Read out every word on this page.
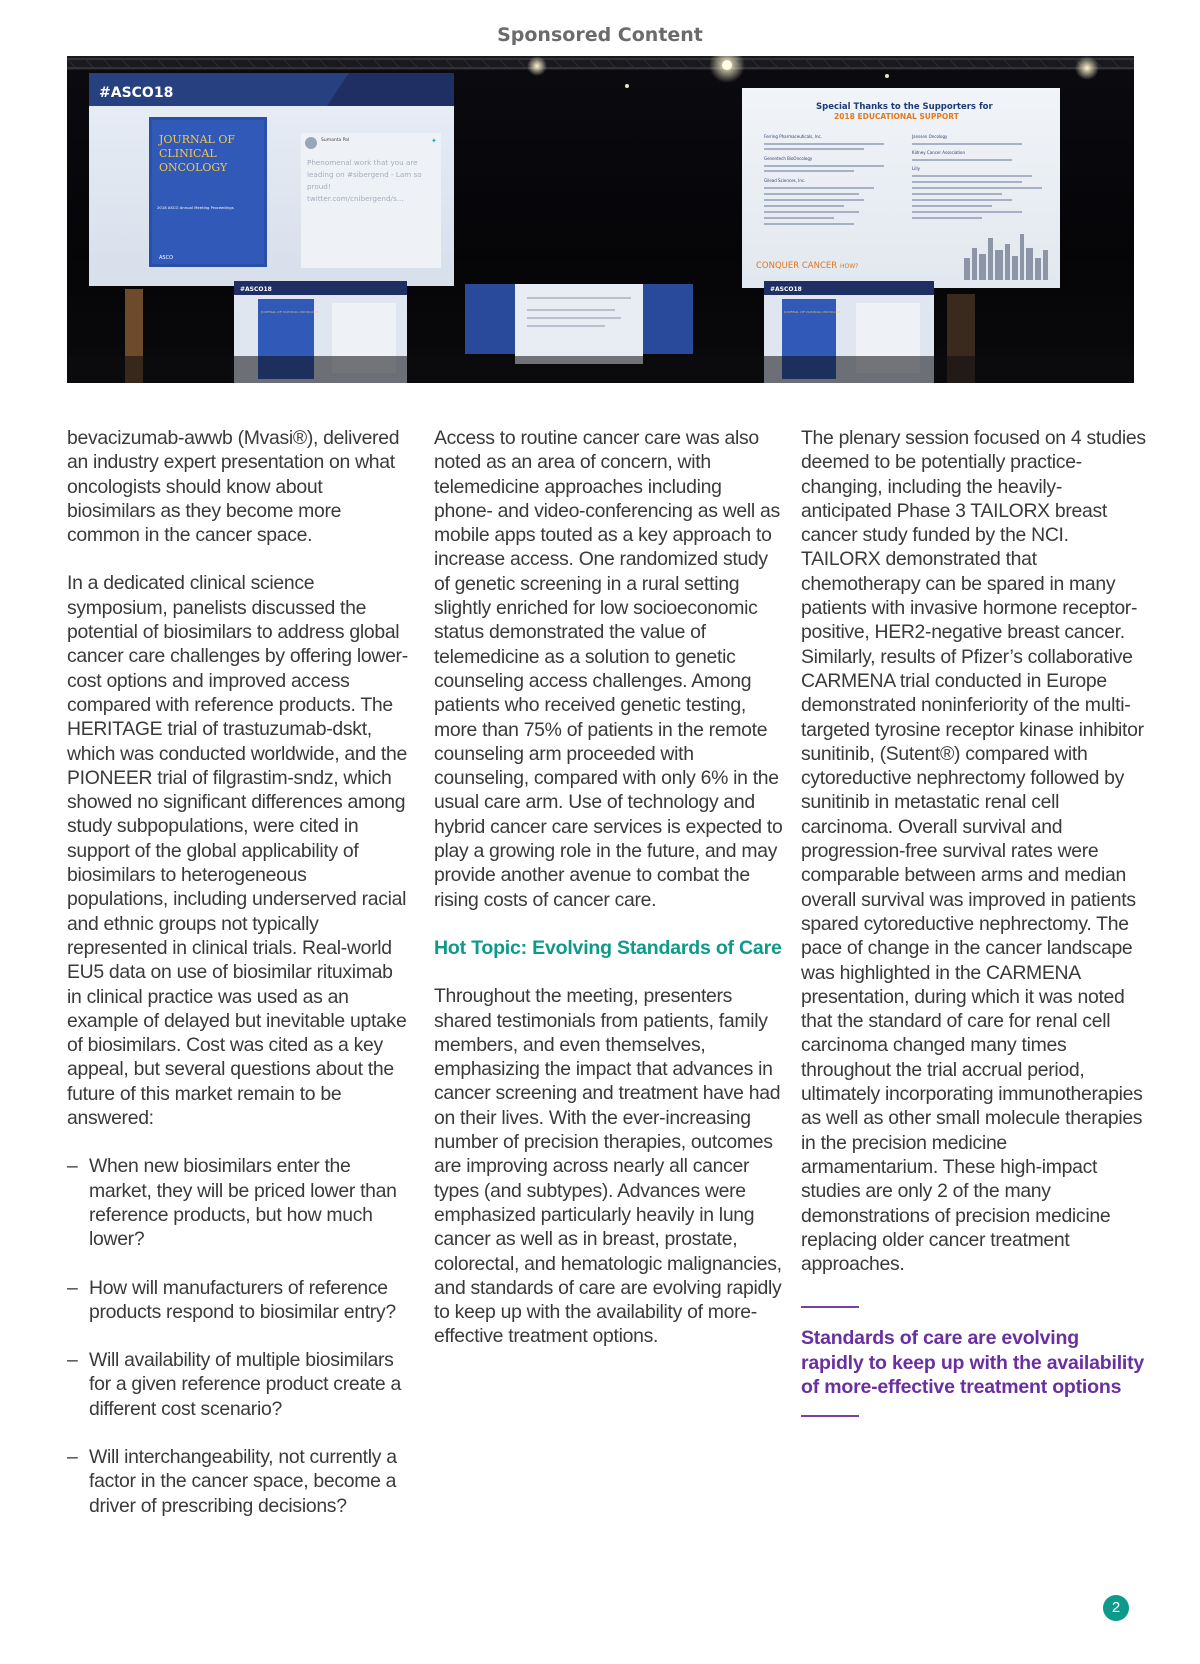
Sponsored Content
#ASCO18	2018 ASCO
ANNUAL MEETING
JOURNAL OF
CLINICAL
ONCOLOGY
2018 ASCO Annual Meeting Proceedings
ASCO
Sumanta Pal	✦
Phenomenal work that you are
leading on #sibergend - Lam so
proud!
twitter.com/cnibergend/s...
Special Thanks to the Supporters for
2018 EDUCATIONAL SUPPORT
Ferring Pharmaceuticals, Inc.
Genentech BioOncology
Gilead Sciences, Inc.
Janssen Oncology
Kidney Cancer Association
Lilly
CONQUER CANCER HOW?
#ASCO18	ASCO
JOURNAL OF CLINICAL ONCOLOGY
#ASCO18	ASCO
JOURNAL OF CLINICAL ONCOLOGY

bevacizumab-awwb (Mvasi®), delivered an industry expert presentation on what oncologists should know about biosimilars as they become more common in the cancer space.

In a dedicated clinical science symposium, panelists discussed the potential of biosimilars to address global cancer care challenges by offering lower-cost options and improved access compared with reference products. The HERITAGE trial of trastuzumab-dskt, which was conducted worldwide, and the PIONEER trial of filgrastim-sndz, which showed no significant differences among study subpopulations, were cited in support of the global applicability of biosimilars to heterogeneous populations, including underserved racial and ethnic groups not typically represented in clinical trials. Real-world EU5 data on use of biosimilar rituximab in clinical practice was used as an example of delayed but inevitable uptake of biosimilars. Cost was cited as a key appeal, but several questions about the future of this market remain to be answered:

– When new biosimilars enter the market, they will be priced lower than reference products, but how much lower?
– How will manufacturers of reference products respond to biosimilar entry?
– Will availability of multiple biosimilars for a given reference product create a different cost scenario?
– Will interchangeability, not currently a factor in the cancer space, become a driver of prescribing decisions?

Access to routine cancer care was also noted as an area of concern, with telemedicine approaches including phone- and video-conferencing as well as mobile apps touted as a key approach to increase access. One randomized study of genetic screening in a rural setting slightly enriched for low socioeconomic status demonstrated the value of telemedicine as a solution to genetic counseling access challenges. Among patients who received genetic testing, more than 75% of patients in the remote counseling arm proceeded with counseling, compared with only 6% in the usual care arm. Use of technology and hybrid cancer care services is expected to play a growing role in the future, and may provide another avenue to combat the rising costs of cancer care.

Hot Topic: Evolving Standards of Care

Throughout the meeting, presenters shared testimonials from patients, family members, and even themselves, emphasizing the impact that advances in cancer screening and treatment have had on their lives. With the ever-increasing number of precision therapies, outcomes are improving across nearly all cancer types (and subtypes). Advances were emphasized particularly heavily in lung cancer as well as in breast, prostate, colorectal, and hematologic malignancies, and standards of care are evolving rapidly to keep up with the availability of more-effective treatment options.

The plenary session focused on 4 studies deemed to be potentially practice-changing, including the heavily-anticipated Phase 3 TAILORX breast cancer study funded by the NCI. TAILORX demonstrated that chemotherapy can be spared in many patients with invasive hormone receptor-positive, HER2-negative breast cancer. Similarly, results of Pfizer’s collaborative CARMENA trial conducted in Europe demonstrated noninferiority of the multi-targeted tyrosine receptor kinase inhibitor sunitinib, (Sutent®) compared with cytoreductive nephrectomy followed by sunitinib in metastatic renal cell carcinoma. Overall survival and progression-free survival rates were comparable between arms and median overall survival was improved in patients spared cytoreductive nephrectomy. The pace of change in the cancer landscape was highlighted in the CARMENA presentation, during which it was noted that the standard of care for renal cell carcinoma changed many times throughout the trial accrual period, ultimately incorporating immunotherapies as well as other small molecule therapies in the precision medicine armamentarium. These high-impact studies are only 2 of the many demonstrations of precision medicine replacing older cancer treatment approaches.

Standards of care are evolving rapidly to keep up with the availability of more-effective treatment options
2
